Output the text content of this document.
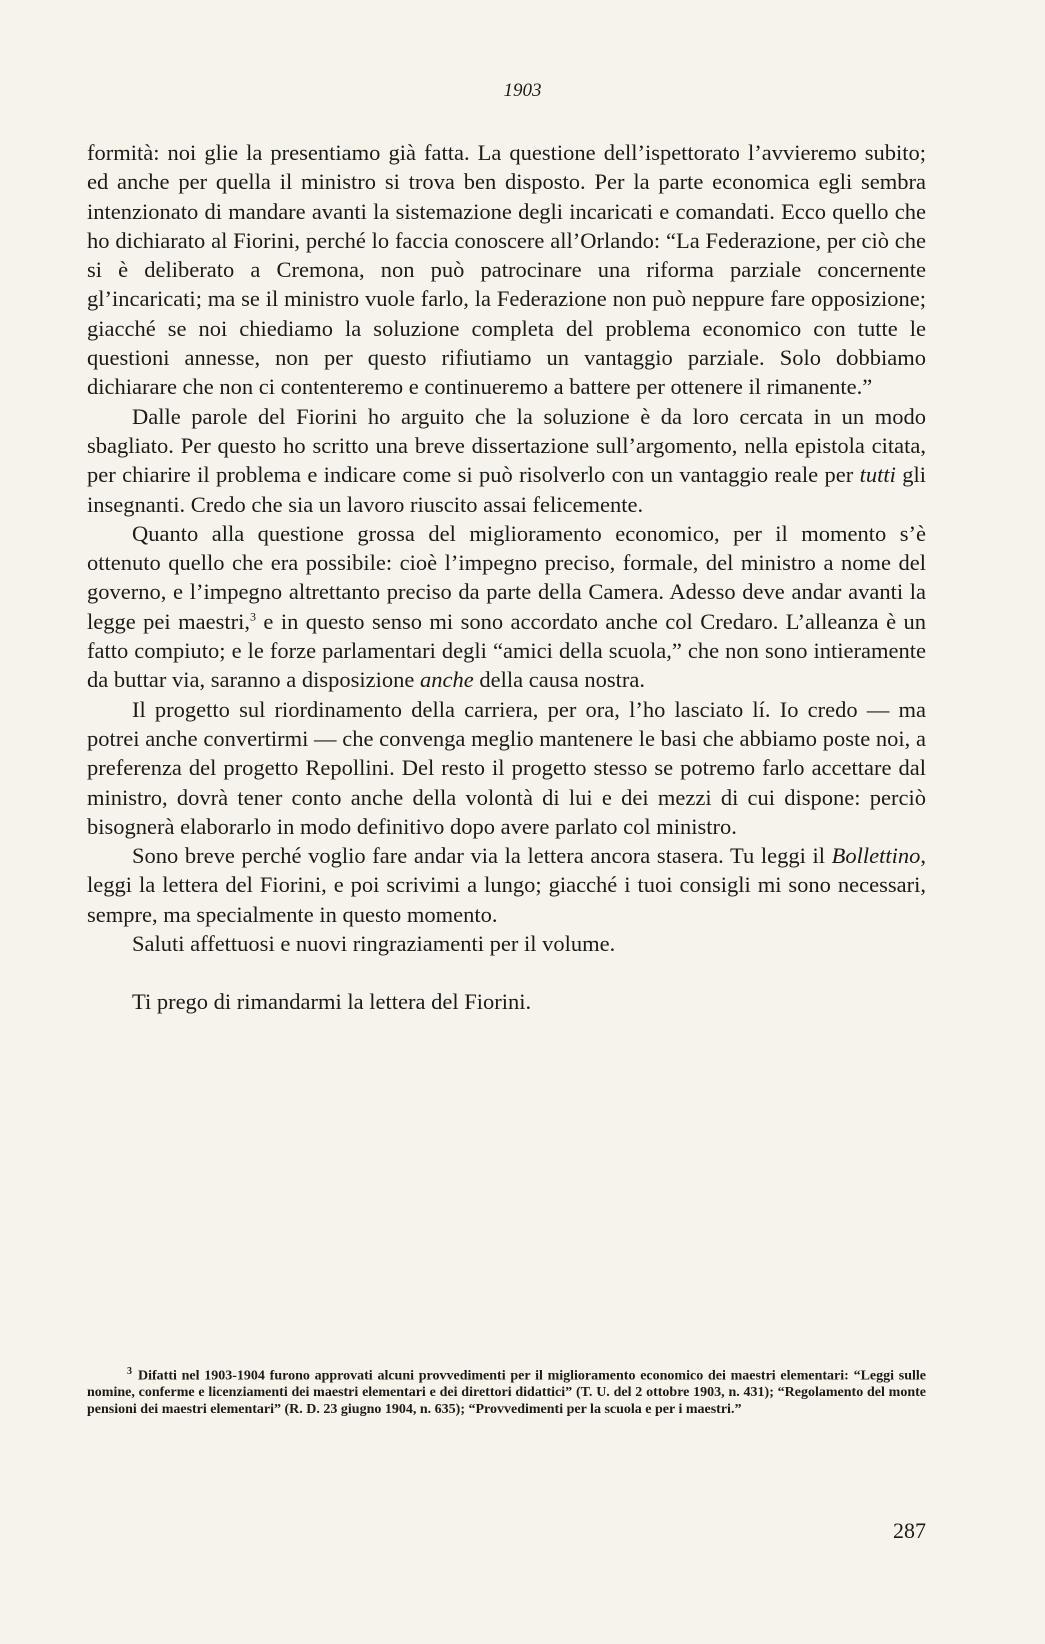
1903

formità: noi glie la presentiamo già fatta. La questione dell’ispettorato l’avvieremo subito; ed anche per quella il ministro si trova ben disposto. Per la parte economica egli sembra intenzionato di mandare avanti la sistemazione degli incaricati e comandati. Ecco quello che ho dichiarato al Fiorini, perché lo faccia conoscere all’Orlando: “La Federazione, per ciò che si è deliberato a Cremona, non può patrocinare una riforma parziale concernente gl’incaricati; ma se il ministro vuole farlo, la Federazione non può neppure fare opposizione; giacché se noi chiediamo la soluzione completa del problema economico con tutte le questioni annesse, non per questo rifiutiamo un vantaggio parziale. Solo dobbiamo dichiarare che non ci contenteremo e continueremo a battere per ottenere il rimanente.”

Dalle parole del Fiorini ho arguito che la soluzione è da loro cercata in un modo sbagliato. Per questo ho scritto una breve dissertazione sull’argomento, nella epistola citata, per chiarire il problema e indicare come si può risolverlo con un vantaggio reale per tutti gli insegnanti. Credo che sia un lavoro riuscito assai felicemente.

Quanto alla questione grossa del miglioramento economico, per il momento s’è ottenuto quello che era possibile: cioè l’impegno preciso, formale, del ministro a nome del governo, e l’impegno altrettanto preciso da parte della Camera. Adesso deve andar avanti la legge pei maestri,$^3$ e in questo senso mi sono accordato anche col Credaro. L’alleanza è un fatto compiuto; e le forze parlamentari degli “amici della scuola,” che non sono intieramente da buttar via, saranno a disposizione anche della causa nostra.

Il progetto sul riordinamento della carriera, per ora, l’ho lasciato lí. Io credo — ma potrei anche convertirmi — che convenga meglio mantenere le basi che abbiamo poste noi, a preferenza del progetto Repollini. Del resto il progetto stesso se potremo farlo accettare dal ministro, dovrà tener conto anche della volontà di lui e dei mezzi di cui dispone: perciò bisognerà elaborarlo in modo definitivo dopo avere parlato col ministro.

Sono breve perché voglio fare andar via la lettera ancora stasera. Tu leggi il Bollettino, leggi la lettera del Fiorini, e poi scrivimi a lungo; giacché i tuoi consigli mi sono necessari, sempre, ma specialmente in questo momento.

Saluti affettuosi e nuovi ringraziamenti per il volume.

Ti prego di rimandarmi la lettera del Fiorini.

$^3$ Difatti nel 1903-1904 furono approvati alcuni provvedimenti per il miglioramento economico dei maestri elementari: “Leggi sulle nomine, conferme e licenziamenti dei maestri elementari e dei direttori didattici” (T. U. del 2 ottobre 1903, n. 431); “Regolamento del monte pensioni dei maestri elementari” (R. D. 23 giugno 1904, n. 635); “Provvedimenti per la scuola e per i maestri.”
287
